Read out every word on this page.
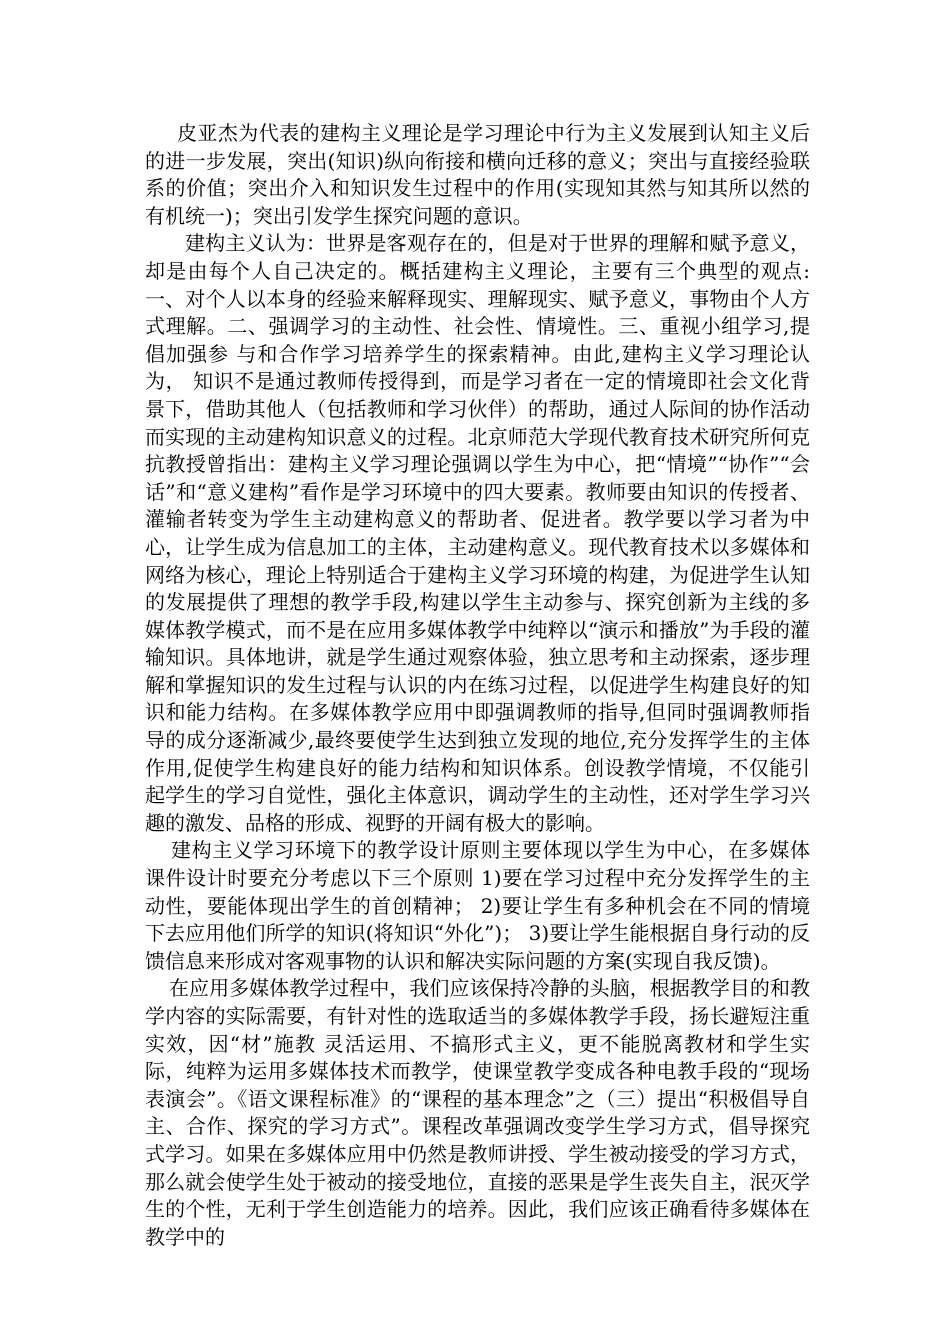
皮亚杰为代表的建构主义理论是学习理论中行为主义发展到认知主义后的进一步发展，突出(知识)纵向衔接和横向迁移的意义；突出与直接经验联系的价值；突出介入和知识发生过程中的作用(实现知其然与知其所以然的有机统一)；突出引发学生探究问题的意识。

建构主义认为：世界是客观存在的，但是对于世界的理解和赋予意义，却是由每个人自己决定的。概括建构主义理论，主要有三个典型的观点:一、对个人以本身的经验来解释现实、理解现实、赋予意义，事物由个人方式理解。二、强调学习的主动性、社会性、情境性。三、重视小组学习,提倡加强参 与和合作学习培养学生的探索精神。由此,建构主义学习理论认为， 知识不是通过教师传授得到，而是学习者在一定的情境即社会文化背景下，借助其他人（包括教师和学习伙伴）的帮助，通过人际间的协作活动而实现的主动建构知识意义的过程。北京师范大学现代教育技术研究所何克抗教授曾指出：建构主义学习理论强调以学生为中心，把“情境”“协作”“会话”和“意义建构”看作是学习环境中的四大要素。教师要由知识的传授者、灌输者转变为学生主动建构意义的帮助者、促进者。教学要以学习者为中心，让学生成为信息加工的主体，主动建构意义。现代教育技术以多媒体和网络为核心，理论上特别适合于建构主义学习环境的构建，为促进学生认知的发展提供了理想的教学手段,构建以学生主动参与、探究创新为主线的多媒体教学模式，而不是在应用多媒体教学中纯粹以“演示和播放”为手段的灌输知识。具体地讲，就是学生通过观察体验，独立思考和主动探索，逐步理解和掌握知识的发生过程与认识的内在练习过程，以促进学生构建良好的知识和能力结构。在多媒体教学应用中即强调教师的指导,但同时强调教师指导的成分逐渐减少,最终要使学生达到独立发现的地位,充分发挥学生的主体作用,促使学生构建良好的能力结构和知识体系。创设教学情境，不仅能引起学生的学习自觉性，强化主体意识，调动学生的主动性，还对学生学习兴趣的激发、品格的形成、视野的开阔有极大的影响。

建构主义学习环境下的教学设计原则主要体现以学生为中心，在多媒体课件设计时要充分考虑以下三个原则 1)要在学习过程中充分发挥学生的主动性，要能体现出学生的首创精神； 2)要让学生有多种机会在不同的情境下去应用他们所学的知识(将知识“外化”)； 3)要让学生能根据自身行动的反馈信息来形成对客观事物的认识和解决实际问题的方案(实现自我反馈)。

在应用多媒体教学过程中，我们应该保持冷静的头脑，根据教学目的和教学内容的实际需要，有针对性的选取适当的多媒体教学手段，扬长避短注重实效，因“材”施教 灵活运用、不搞形式主义，更不能脱离教材和学生实际，纯粹为运用多媒体技术而教学，使课堂教学变成各种电教手段的“现场表演会”。《语文课程标准》的“课程的基本理念”之（三）提出“积极倡导自主、合作、探究的学习方式”。课程改革强调改变学生学习方式，倡导探究式学习。如果在多媒体应用中仍然是教师讲授、学生被动接受的学习方式，那么就会使学生处于被动的接受地位，直接的恶果是学生丧失自主，泯灭学生的个性，无利于学生创造能力的培养。因此，我们应该正确看待多媒体在教学中的
